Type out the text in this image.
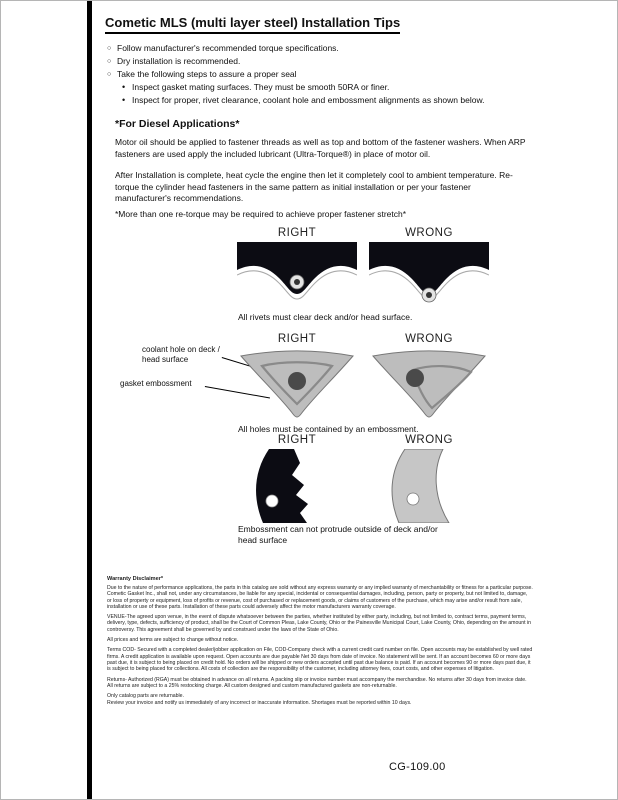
Cometic MLS (multi layer steel) Installation Tips
○ Follow manufacturer's recommended torque specifications.
○ Dry installation is recommended.
○ Take the following steps to assure a proper seal
• Inspect gasket mating surfaces. They must be smooth 50RA or finer.
• Inspect for proper, rivet clearance, coolant hole and embossment alignments as shown below.
*For Diesel Applications*
Motor oil should be applied to fastener threads as well as top and bottom of the fastener washers. When ARP fasteners are used apply the included lubricant (Ultra-Torque®) in place of motor oil.
After Installation is complete, heat cycle the engine then let it completely cool to ambient temperature. Re-torque the cylinder head fasteners in the same pattern as initial installation or per your fastener manufacturer's recommendations.
*More than one re-torque may be required to achieve proper fastener stretch*
RIGHT	WRONG
All rivets must clear deck and/or head surface.
RIGHT	WRONG
coolant hole on deck / head surface
gasket embossment
All holes must be contained by an embossment.
RIGHT	WRONG
Embossment can not protrude outside of deck and/or head surface
Warranty Disclaimer*

Due to the nature of performance applications, the parts in this catalog are sold without any express warranty or any implied warranty of merchantability or fitness for a particular purpose. Cometic Gasket Inc., shall not, under any circumstances, be liable for any special, incidental or consequential damages, including, person, party or property, but not limited to, damage, or loss of property or equipment, loss of profits or revenue, cost of purchased or replacement goods, or claims of customers of the purchase, which may arise and/or result from sale, installation or use of these parts. Installation of these parts could adversely affect the motor manufacturers warranty coverage.

VENUE-The agreed upon venue, in the event of dispute whatsoever between the parties, whether instituted by either party, including, but not limited to, contract terms, payment terms, delivery, type, defects, sufficiency of product, shall be the Court of Common Pleas, Lake County, Ohio or the Painesville Municipal Court, Lake County, Ohio, depending on the amount in controversy. This agreement shall be governed by and construed under the laws of the State of Ohio.

All prices and terms are subject to change without notice.

Terms COD- Secured with a completed dealer/jobber application on File, COD-Company check with a current credit card number on file. Open accounts may be established by well rated firms. A credit application is available upon request. Open accounts are due payable Net 30 days from date of invoice. No statement will be sent. If an account becomes 60 or more days past due, it is subject to being placed on credit hold. No orders will be shipped or new orders accepted until past due balance is paid. If an account becomes 90 or more days past due, it is subject to being placed for collections. All costs of collection are the responsibility of the customer, including attorney fees, court costs, and other expenses of litigation.

Returns- Authorized (RGA) must be obtained in advance on all returns. A packing slip or invoice number must accompany the merchandise. No returns after 30 days from invoice date. All returns are subject to a 25% restocking charge. All custom designed and custom manufactured gaskets are non-returnable.

Only catalog parts are returnable.

Review your invoice and notify us immediately of any incorrect or inaccurate information. Shortages must be reported within 10 days.

CG-109.00
